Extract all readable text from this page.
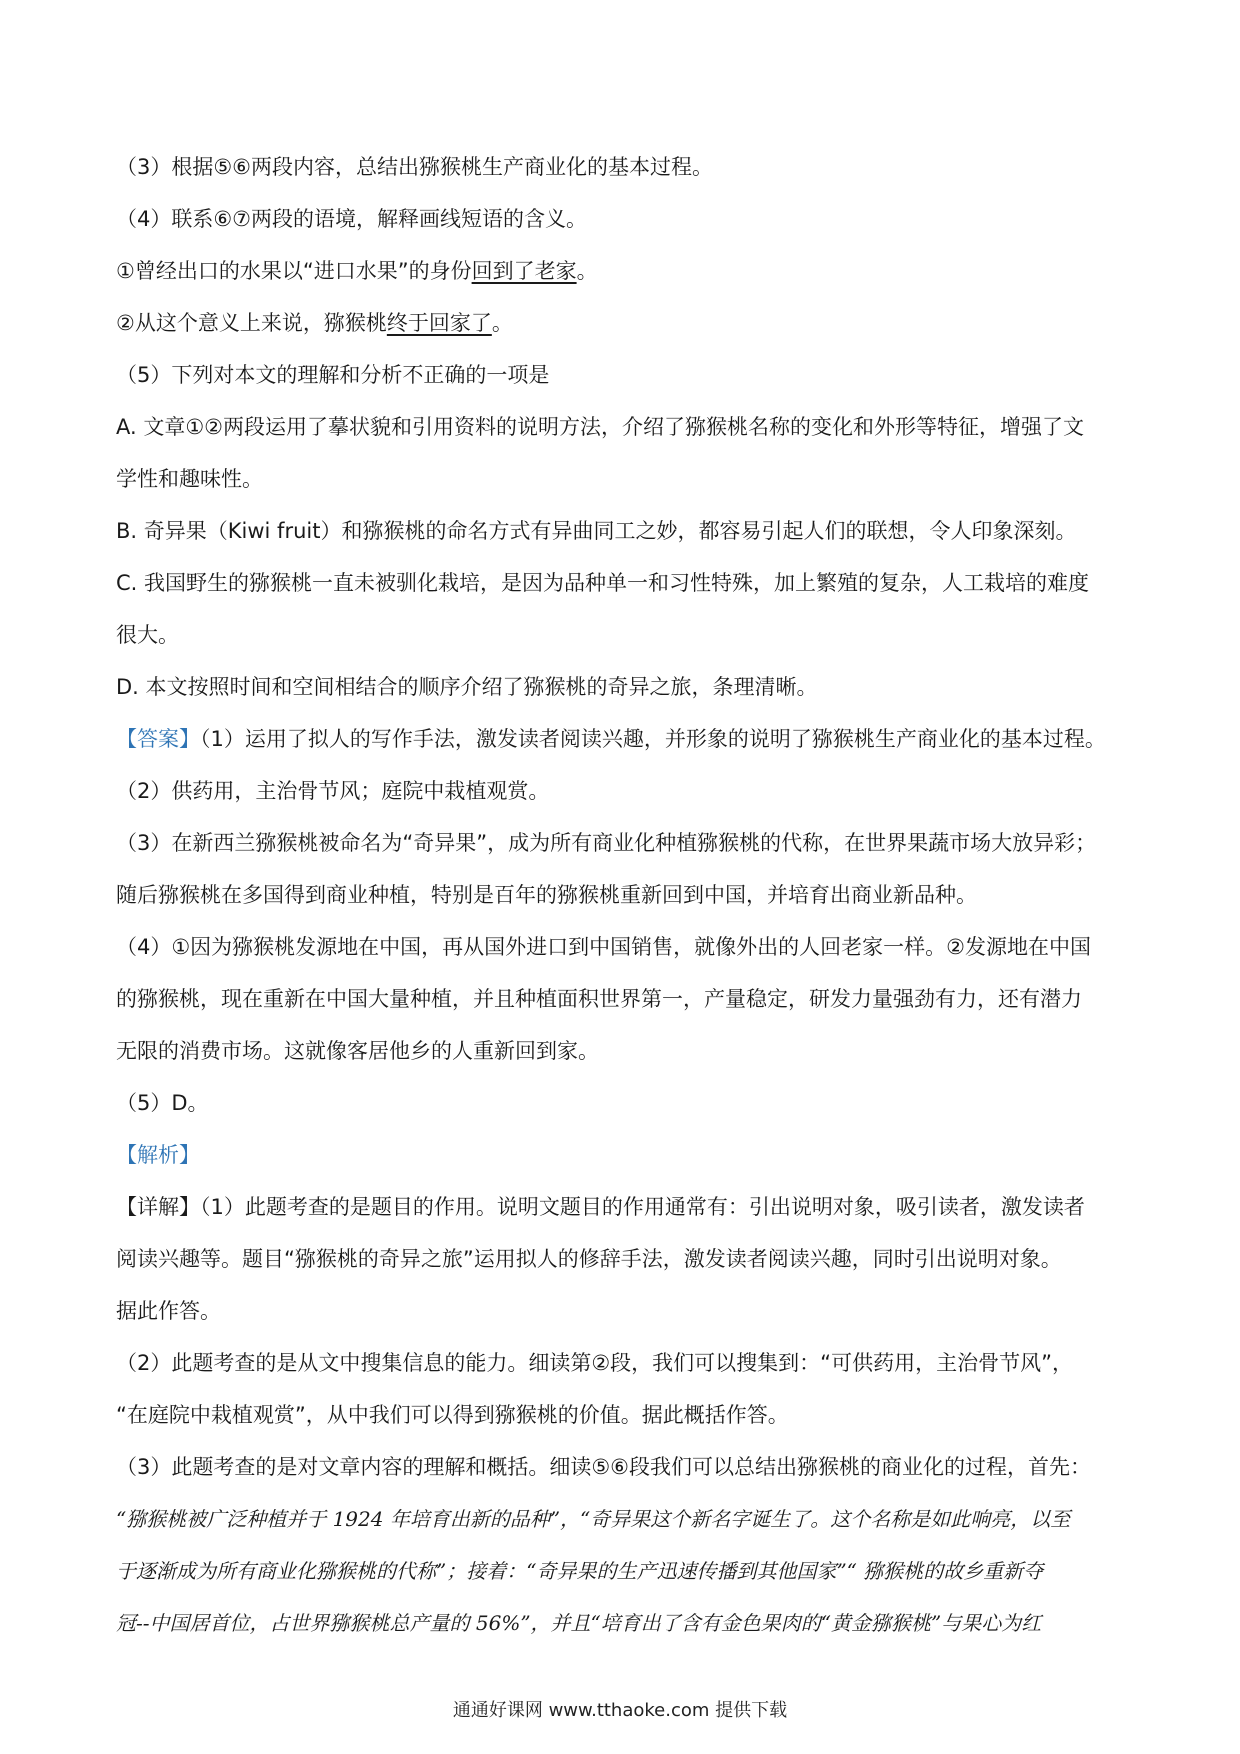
（3）根据⑤⑥两段内容，总结出猕猴桃生产商业化的基本过程。

（4）联系⑥⑦两段的语境，解释画线短语的含义。

①曾经出口的水果以“进口水果”的身份回到了老家。

②从这个意义上来说，猕猴桃终于回家了。

（5）下列对本文的理解和分析不正确的一项是

A. 文章①②两段运用了摹状貌和引用资料的说明方法，介绍了猕猴桃名称的变化和外形等特征，增强了文
学性和趣味性。

B. 奇异果（Kiwi fruit）和猕猴桃的命名方式有异曲同工之妙，都容易引起人们的联想，令人印象深刻。

C. 我国野生的猕猴桃一直未被驯化栽培，是因为品种单一和习性特殊，加上繁殖的复杂，人工栽培的难度
很大。

D. 本文按照时间和空间相结合的顺序介绍了猕猴桃的奇异之旅，条理清晰。

【答案】（1）运用了拟人的写作手法，激发读者阅读兴趣，并形象的说明了猕猴桃生产商业化的基本过程。

（2）供药用，主治骨节风；庭院中栽植观赏。

（3）在新西兰猕猴桃被命名为“奇异果”，成为所有商业化种植猕猴桃的代称，在世界果蔬市场大放异彩；
随后猕猴桃在多国得到商业种植，特别是百年的猕猴桃重新回到中国，并培育出商业新品种。

（4）①因为猕猴桃发源地在中国，再从国外进口到中国销售，就像外出的人回老家一样。②发源地在中国
的猕猴桃，现在重新在中国大量种植，并且种植面积世界第一，产量稳定，研发力量强劲有力，还有潜力
无限的消费市场。这就像客居他乡的人重新回到家。

（5）D。

【解析】

【详解】（1）此题考查的是题目的作用。说明文题目的作用通常有：引出说明对象，吸引读者，激发读者
阅读兴趣等。题目“猕猴桃的奇异之旅”运用拟人的修辞手法，激发读者阅读兴趣，同时引出说明对象。
据此作答。

（2）此题考查的是从文中搜集信息的能力。细读第②段，我们可以搜集到：“可供药用，主治骨节风”，
“在庭院中栽植观赏”，从中我们可以得到猕猴桃的价值。据此概括作答。

（3）此题考查的是对文章内容的理解和概括。细读⑤⑥段我们可以总结出猕猴桃的商业化的过程，首先：
“猕猴桃被广泛种植并于 1924 年培育出新的品种”，“奇异果这个新名字诞生了。这个名称是如此响亮，以至
于逐渐成为所有商业化猕猴桃的代称”；接着：“奇异果的生产迅速传播到其他国家”“ 猕猴桃的故乡重新夺
冠--中国居首位，占世界猕猴桃总产量的 56%”，并且“培育出了含有金色果肉的“黄金猕猴桃”与果心为红

通通好课网 www.tthaoke.com 提供下载
